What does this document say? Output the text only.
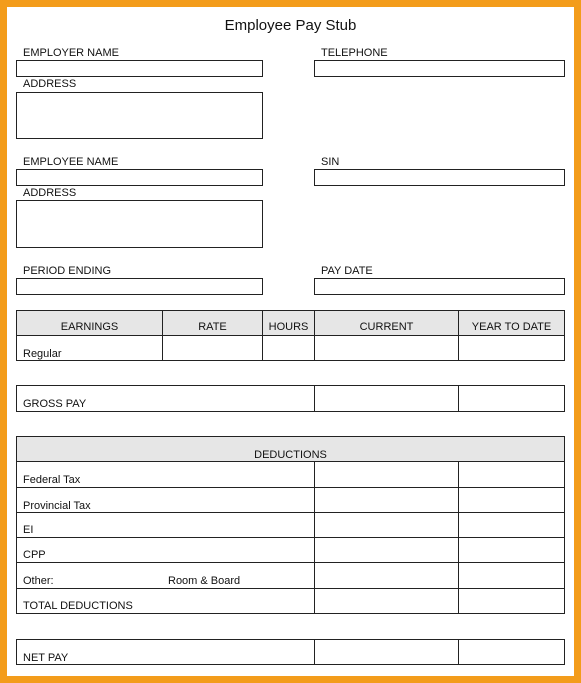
Employee Pay Stub
EMPLOYER NAME	TELEPHONE
ADDRESS
EMPLOYEE NAME	SIN
ADDRESS
PERIOD ENDING	PAY DATE
EARNINGS	RATE	HOURS	CURRENT	YEAR TO DATE
Regular
GROSS PAY
DEDUCTIONS
Federal Tax
Provincial Tax
EI
CPP
Other:	Room & Board
TOTAL DEDUCTIONS
NET PAY
